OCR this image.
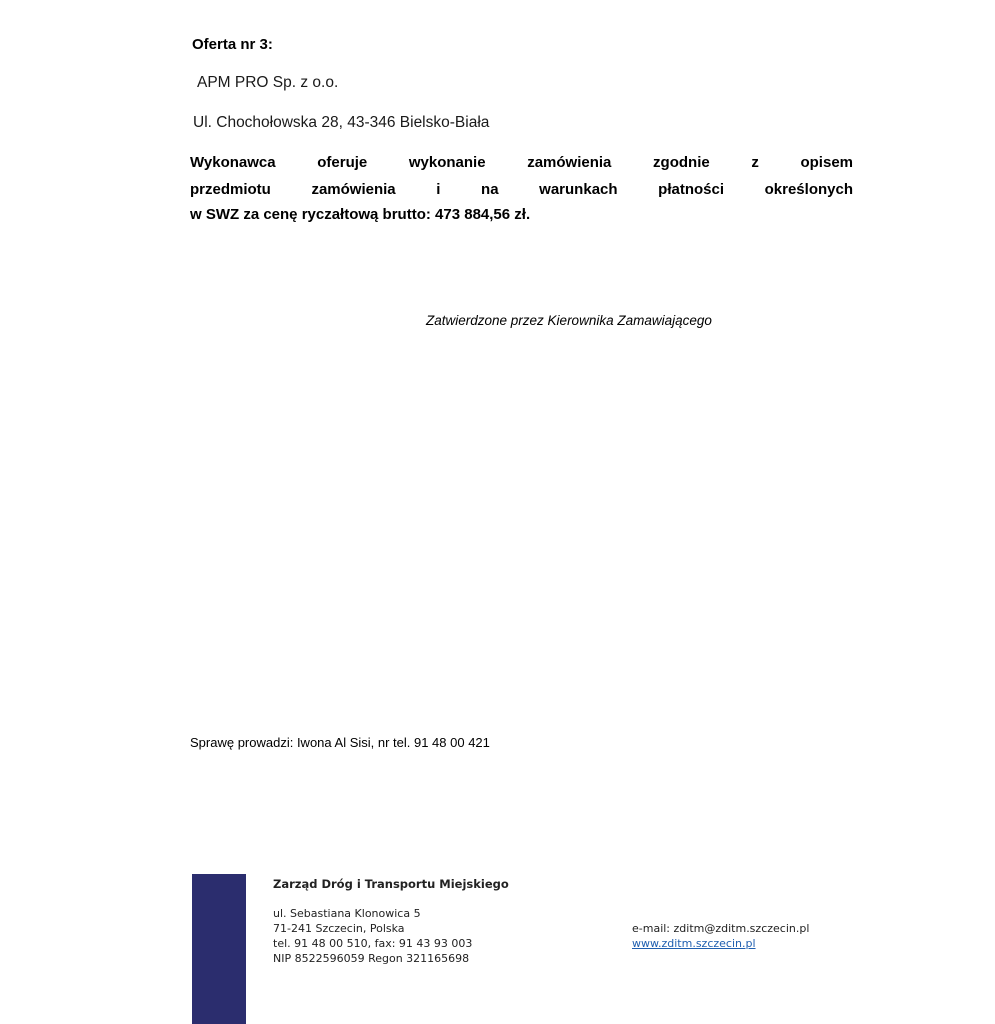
Oferta nr 3:
APM PRO Sp. z o.o.
Ul. Chochołowska 28, 43-346 Bielsko-Biała
Wykonawca oferuje wykonanie zamówienia zgodnie z opisem
przedmiotu zamówienia i na warunkach płatności określonych
w SWZ za cenę ryczałtową brutto: 473 884,56 zł.
Zatwierdzone przez Kierownika Zamawiającego
Sprawę prowadzi: Iwona Al Sisi, nr tel. 91 48 00 421
Zarząd Dróg i Transportu Miejskiego
ul. Sebastiana Klonowica 5
71-241 Szczecin, Polska
tel. 91 48 00 510, fax: 91 43 93 003
NIP 8522596059 Regon 321165698
e-mail: zditm@zditm.szczecin.pl
www.zditm.szczecin.pl
